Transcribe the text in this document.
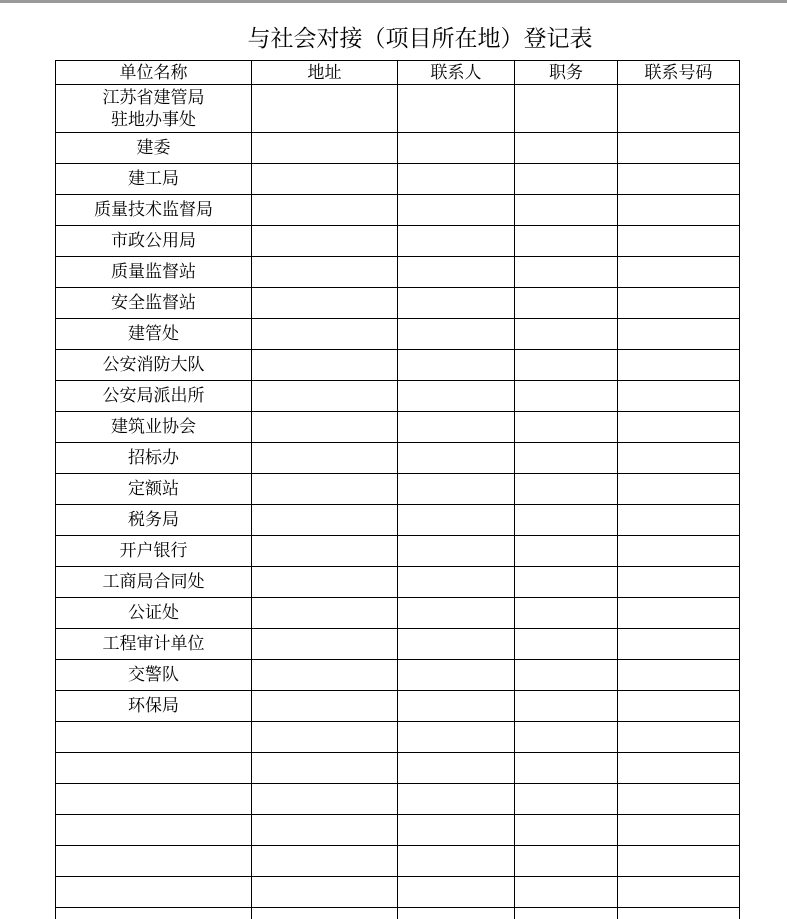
与社会对接（项目所在地）登记表
单位名称	地址	联系人	职务	联系号码

江苏省建管局
驻地办事处				

建委				
建工局				
质量技术监督局				
市政公用局				
质量监督站				
安全监督站				
建管处				
公安消防大队				
公安局派出所				
建筑业协会				
招标办				
定额站				
税务局				
开户银行				
工商局合同处				
公证处				
工程审计单位				
交警队				
环保局				
